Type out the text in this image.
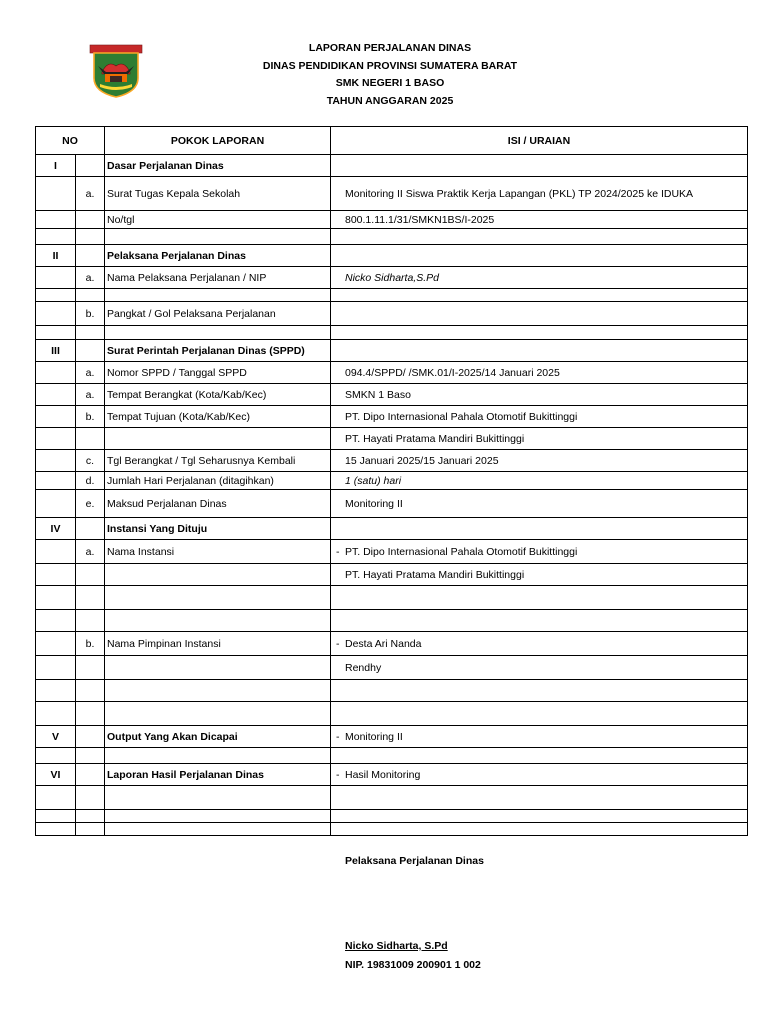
LAPORAN PERJALANAN DINAS
DINAS PENDIDIKAN PROVINSI SUMATERA BARAT
SMK NEGERI 1 BASO
TAHUN ANGGARAN 2025
NO		POKOK LAPORAN	ISI / URAIAN
I		Dasar Perjalanan Dinas	
	a.	Surat Tugas Kepala Sekolah	Monitoring II Siswa Praktik Kerja Lapangan (PKL) TP 2024/2025 ke IDUKA
		No/tgl	800.1.11.1/31/SMKN1BS/I-2025

II		Pelaksana Perjalanan Dinas	
	a.	Nama Pelaksana Perjalanan / NIP	Nicko Sidharta,S.Pd

	b.	Pangkat / Gol Pelaksana Perjalanan	

III		Surat Perintah Perjalanan Dinas (SPPD)	
	a.	Nomor SPPD / Tanggal SPPD	094.4/SPPD/ /SMK.01/I-2025/14 Januari 2025
	a.	Tempat Berangkat (Kota/Kab/Kec)	SMKN 1 Baso
	b.	Tempat Tujuan (Kota/Kab/Kec)	PT. Dipo Internasional Pahala Otomotif Bukittinggi
			PT. Hayati Pratama Mandiri Bukittinggi
	c.	Tgl Berangkat / Tgl Seharusnya Kembali	15 Januari 2025/15 Januari 2025
	d.	Jumlah Hari Perjalanan (ditagihkan)	1 (satu) hari
	e.	Maksud Perjalanan Dinas	Monitoring II
IV		Instansi Yang Dituju	
	a.	Nama Instansi	- PT. Dipo Internasional Pahala Otomotif Bukittinggi
			PT. Hayati Pratama Mandiri Bukittinggi

	b.	Nama Pimpinan Instansi	- Desta Ari Nanda
			Rendhy

V		Output Yang Akan Dicapai	- Monitoring II

VI		Laporan Hasil Perjalanan Dinas	- Hasil Monitoring

Pelaksana Perjalanan Dinas
Nicko Sidharta, S.Pd
NIP. 19831009 200901 1 002
